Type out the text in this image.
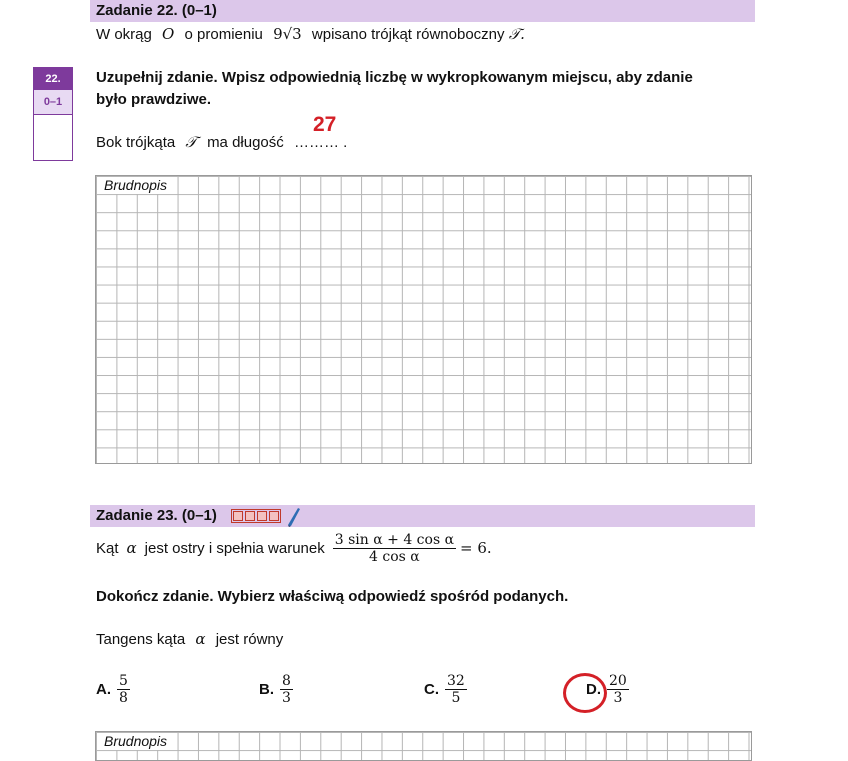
Zadanie 22. (0–1)
W okrąg O o promieniu 9√3 wpisano trójkąt równoboczny 𝒯.
22.
0–1
Uzupełnij zdanie. Wpisz odpowiednią liczbę w wykropkowanym miejscu, aby zdanie
było prawdziwe.
Bok trójkąta 𝒯 ma długość ……… .
27
Brudnopis
Zadanie 23. (0–1)

Kąt α jest ostry i spełnia warunek $\frac{\text{3 sin α + 4 cos α}}{\text{4 cos α}} = 6$.
Dokończ zdanie. Wybierz właściwą odpowiedź spośród podanych.
Tangens kąta α jest równy
A. $\frac{5}{8}$	B. $\frac{8}{3}$	C. $\frac{32}{5}$	D. $\frac{20}{3}$
Brudnopis
